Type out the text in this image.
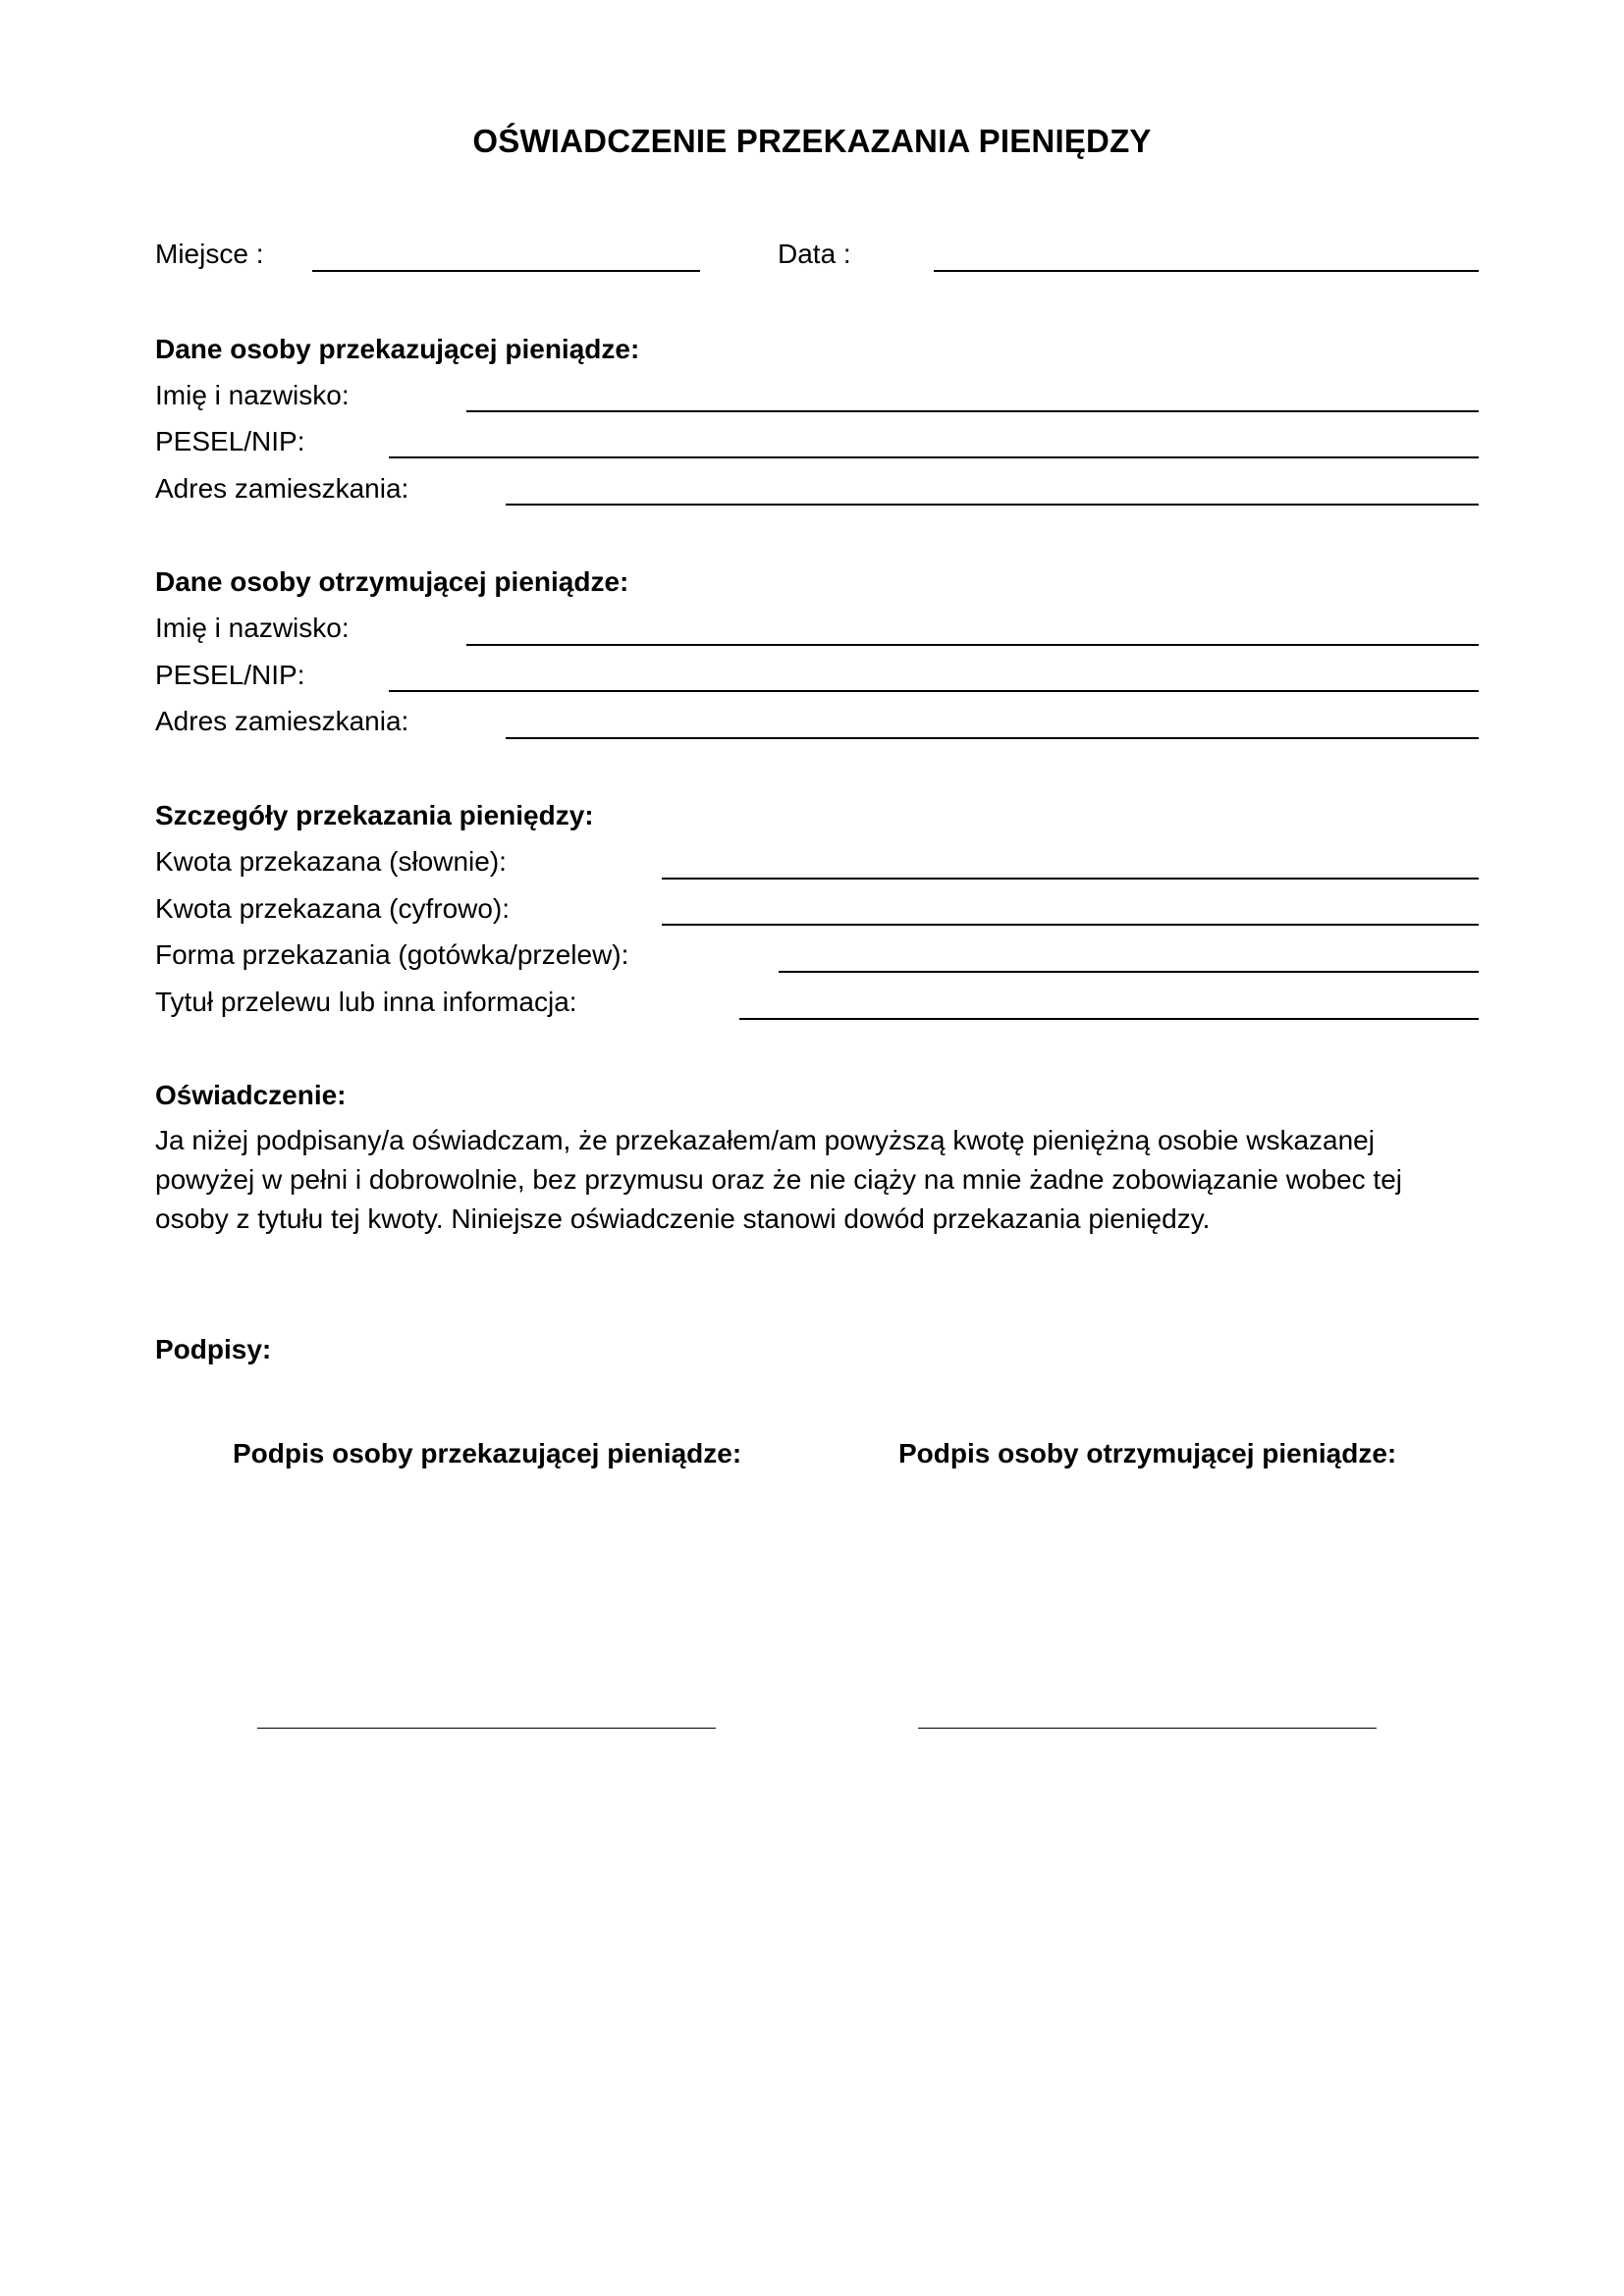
OŚWIADCZENIE PRZEKAZANIA PIENIĘDZY
Miejsce :	Data :
Dane osoby przekazującej pieniądze:
Imię i nazwisko:
PESEL/NIP:
Adres zamieszkania:
Dane osoby otrzymującej pieniądze:
Imię i nazwisko:
PESEL/NIP:
Adres zamieszkania:
Szczegóły przekazania pieniędzy:
Kwota przekazana (słownie):
Kwota przekazana (cyfrowo):
Forma przekazania (gotówka/przelew):
Tytuł przelewu lub inna informacja:
Oświadczenie:
Ja niżej podpisany/a oświadczam, że przekazałem/am powyższą kwotę pieniężną osobie wskazanej
powyżej w pełni i dobrowolnie, bez przymusu oraz że nie ciąży na mnie żadne zobowiązanie wobec tej
osoby z tytułu tej kwoty. Niniejsze oświadczenie stanowi dowód przekazania pieniędzy.
Podpisy:
Podpis osoby przekazującej pieniądze:	Podpis osoby otrzymującej pieniądze:
